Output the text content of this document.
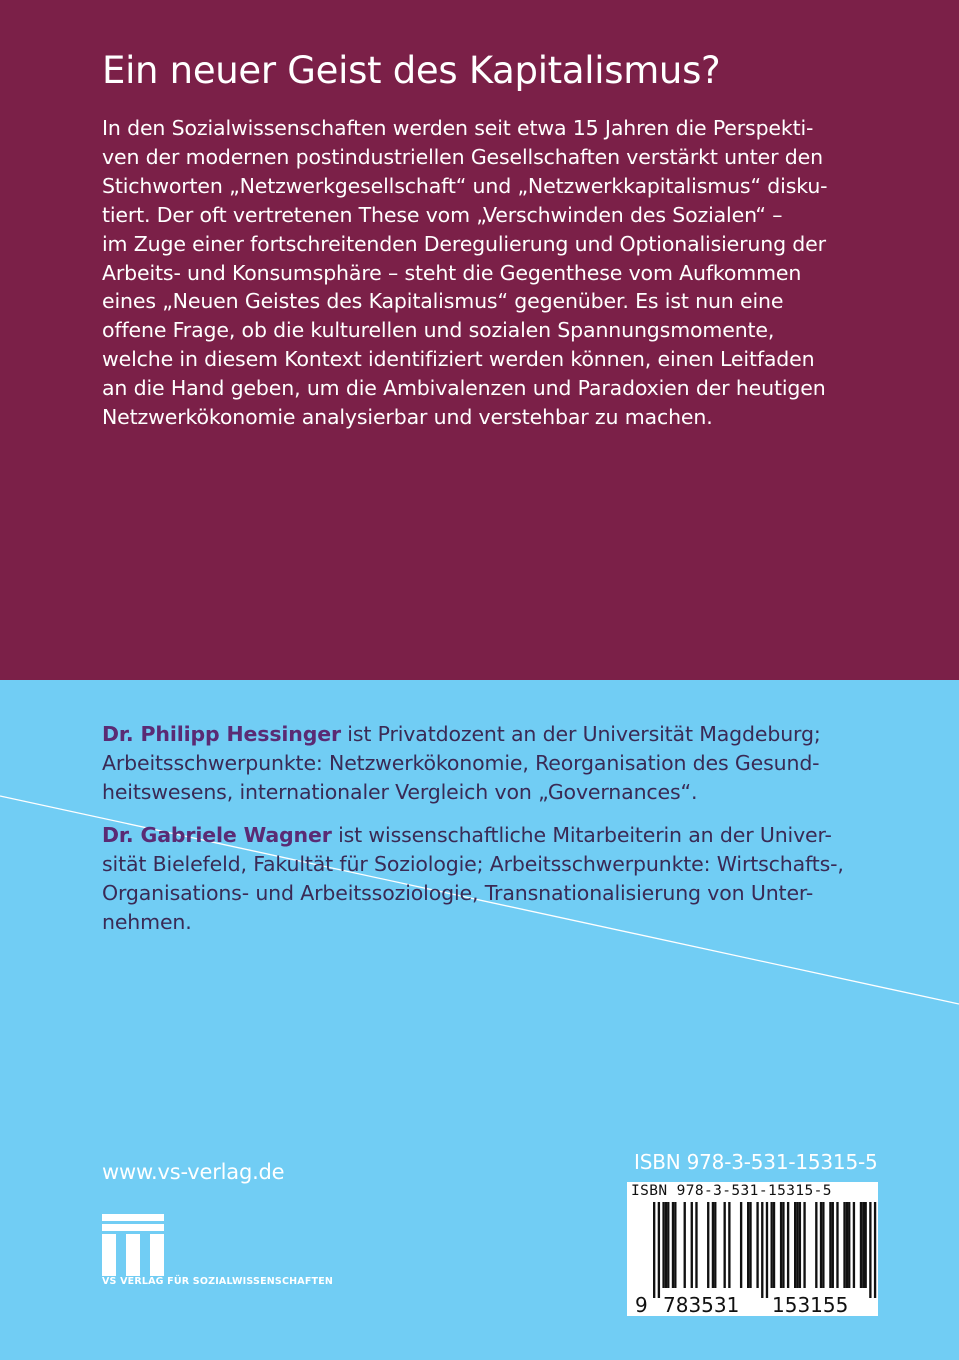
Ein neuer Geist des Kapitalismus?
In den Sozialwissenschaften werden seit etwa 15 Jahren die Perspekti-
ven der modernen postindustriellen Gesellschaften verstärkt unter den
Stichworten „Netzwerkgesellschaft“ und „Netzwerkkapitalismus“ disku-
tiert. Der oft vertretenen These vom „Verschwinden des Sozialen“ –
im Zuge einer fortschreitenden Deregulierung und Optionalisierung der
Arbeits- und Konsumsphäre – steht die Gegenthese vom Aufkommen
eines „Neuen Geistes des Kapitalismus“ gegenüber. Es ist nun eine
offene Frage, ob die kulturellen und sozialen Spannungsmomente,
welche in diesem Kontext identifiziert werden können, einen Leitfaden
an die Hand geben, um die Ambivalenzen und Paradoxien der heutigen
Netzwerkökonomie analysierbar und verstehbar zu machen.
Dr. Philipp Hessinger ist Privatdozent an der Universität Magdeburg;
Arbeitsschwerpunkte: Netzwerkökonomie, Reorganisation des Gesund-
heitswesens, internationaler Vergleich von „Governances“.
Dr. Gabriele Wagner ist wissenschaftliche Mitarbeiterin an der Univer-
sität Bielefeld, Fakultät für Soziologie; Arbeitsschwerpunkte: Wirtschafts-,
Organisations- und Arbeitssoziologie, Transnationalisierung von Unter-
nehmen.
www.vs-verlag.de
VS VERLAG FÜR SOZIALWISSENSCHAFTEN
ISBN 978-3-531-15315-5
9 783531 153155
ISBN 978-3-531-15315-5
